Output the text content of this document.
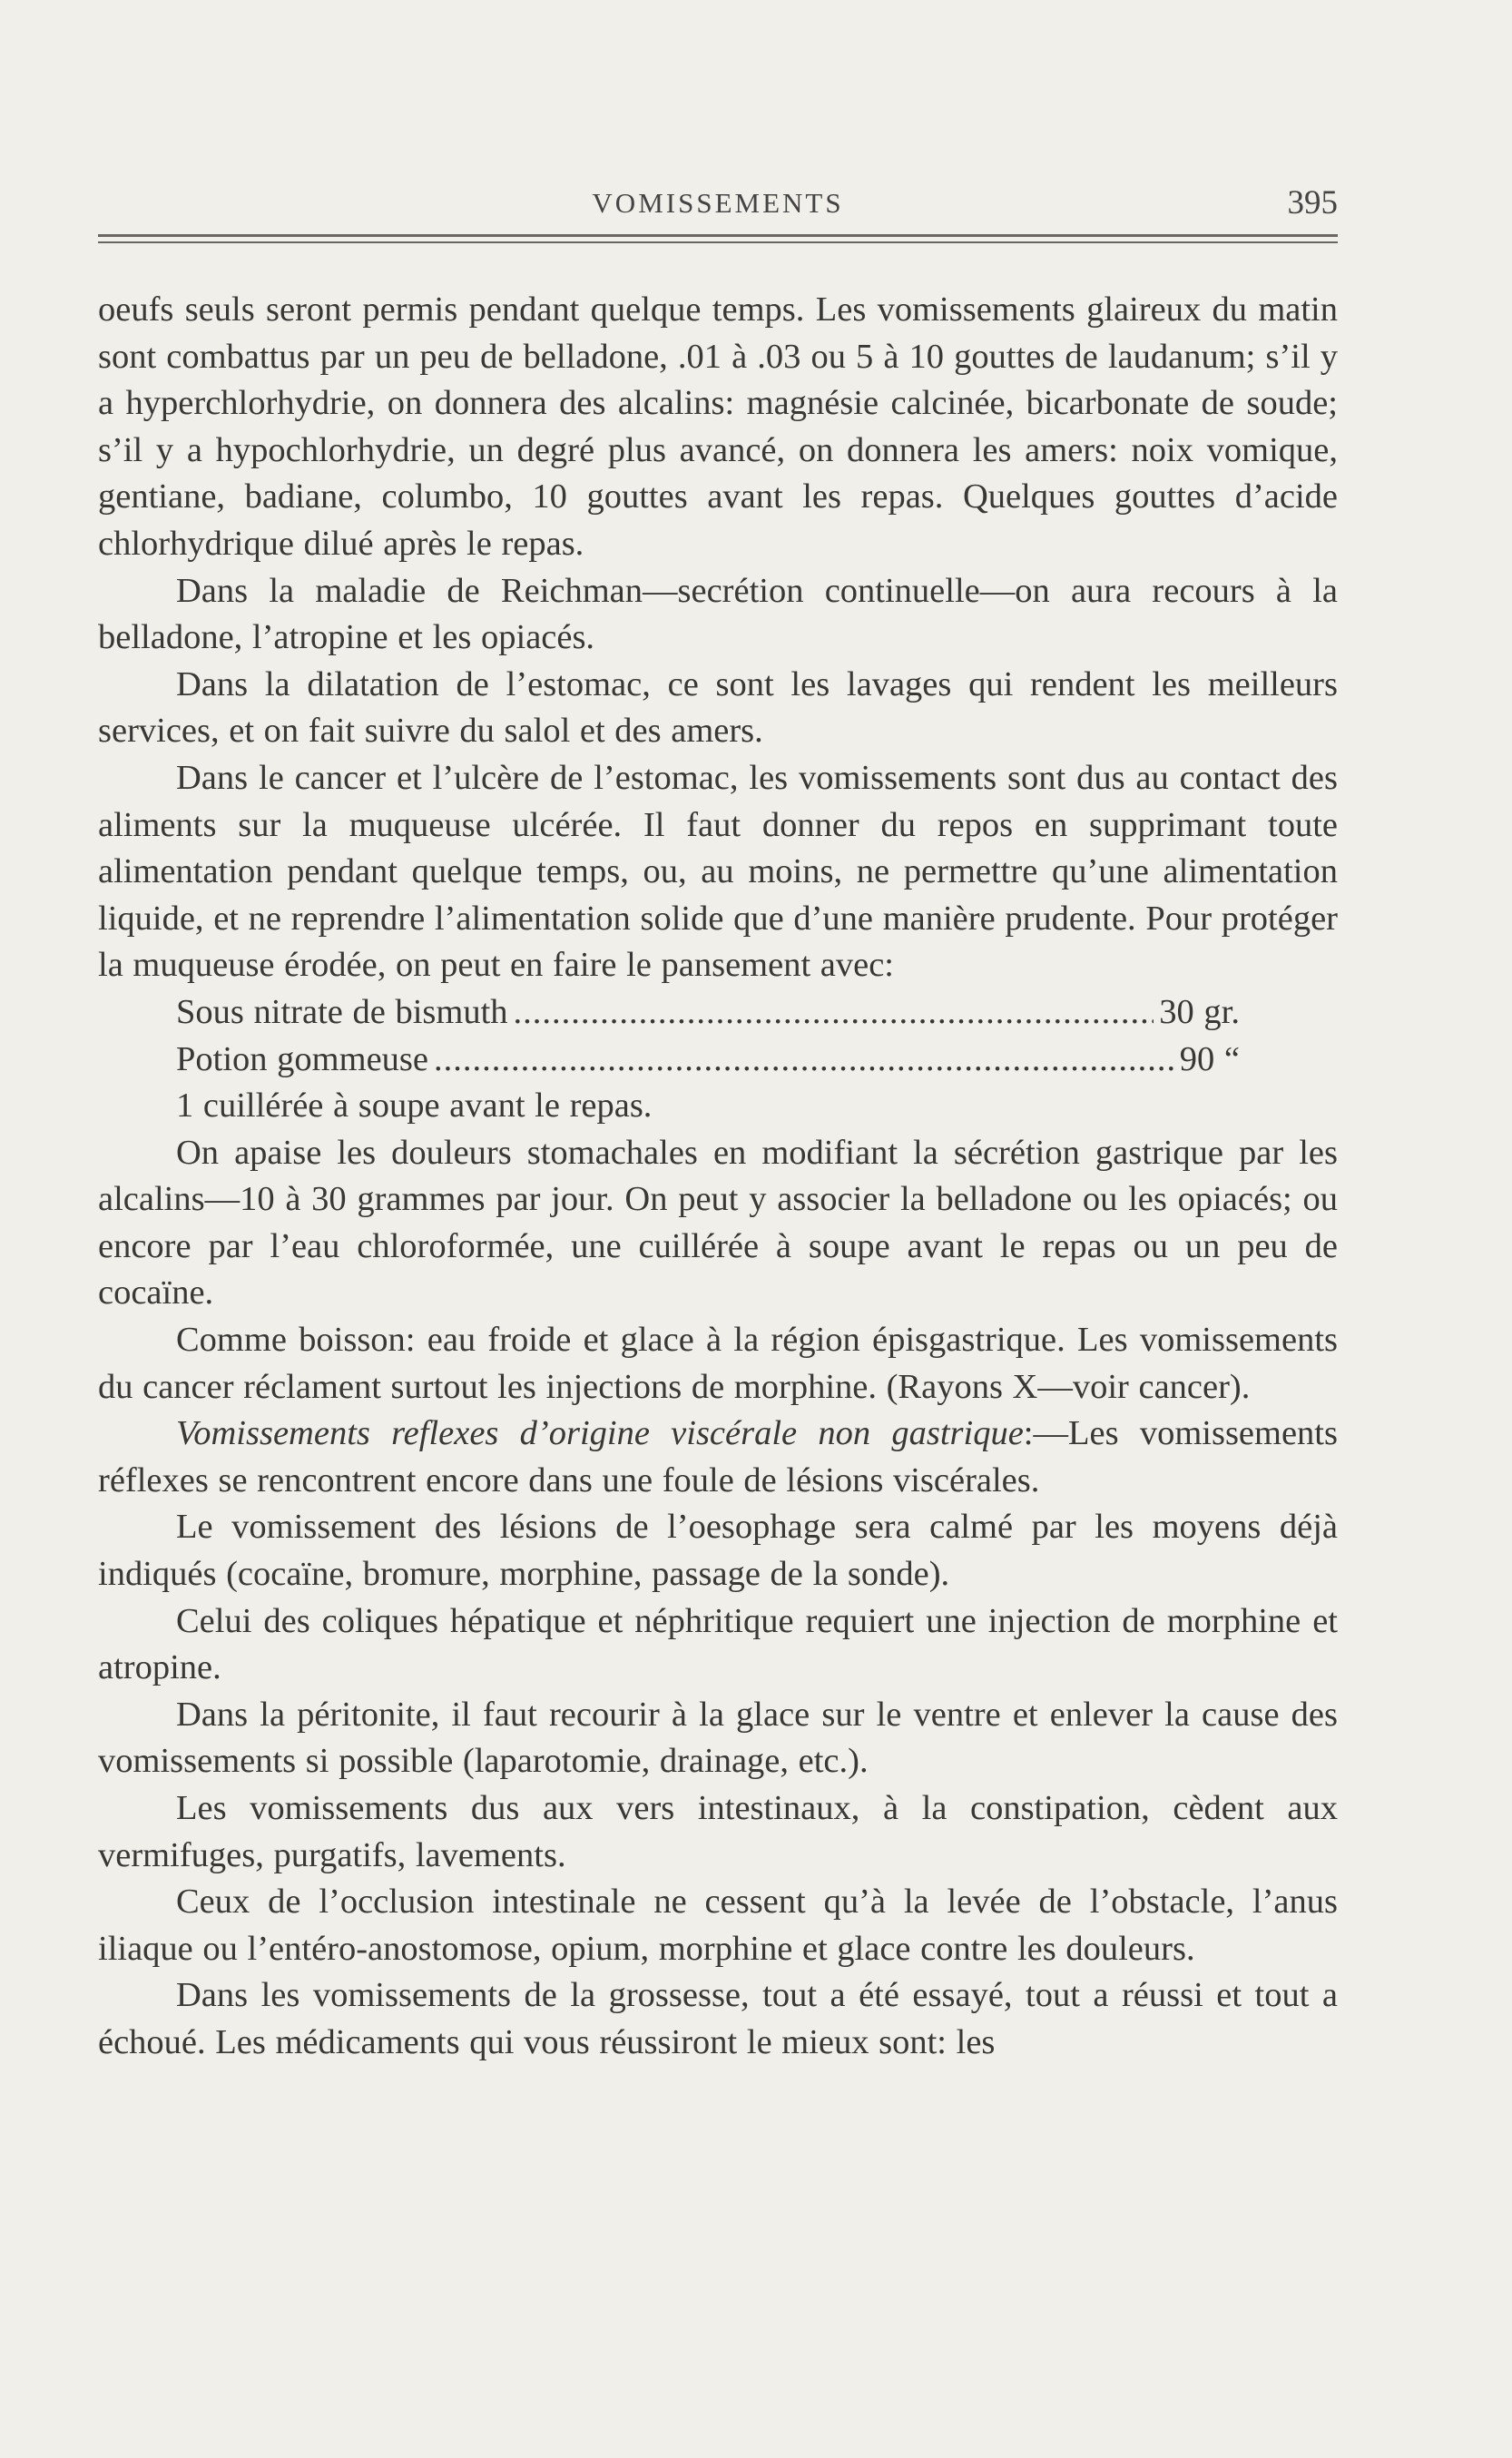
VOMISSEMENTS	395

oeufs seuls seront permis pendant quelque temps. Les vomissements glaireux du matin sont combattus par un peu de belladone, .01 à .03 ou 5 à 10 gouttes de laudanum; s’il y a hyperchlorhydrie, on donnera des alcalins: magnésie calcinée, bicarbonate de soude; s’il y a hypochlorhydrie, un degré plus avancé, on donnera les amers: noix vomique, gentiane, badiane, columbo, 10 gouttes avant les repas. Quelques gouttes d’acide chlorhydrique dilué après le repas.

Dans la maladie de Reichman—secrétion continuelle—on aura recours à la belladone, l’atropine et les opiacés.

Dans la dilatation de l’estomac, ce sont les lavages qui rendent les meilleurs services, et on fait suivre du salol et des amers.

Dans le cancer et l’ulcère de l’estomac, les vomissements sont dus au contact des aliments sur la muqueuse ulcérée. Il faut donner du repos en supprimant toute alimentation pendant quelque temps, ou, au moins, ne permettre qu’une alimentation liquide, et ne reprendre l’alimentation solide que d’une manière prudente. Pour protéger la muqueuse érodée, on peut en faire le pansement avec:

Sous nitrate de bismuth .....	30 gr.
Potion gommeuse .....	90 “

1 cuillérée à soupe avant le repas.

On apaise les douleurs stomachales en modifiant la sécrétion gastrique par les alcalins—10 à 30 grammes par jour. On peut y associer la belladone ou les opiacés; ou encore par l’eau chloroformée, une cuillérée à soupe avant le repas ou un peu de cocaïne.

Comme boisson: eau froide et glace à la région épisgastrique. Les vomissements du cancer réclament surtout les injections de morphine. (Rayons X—voir cancer).

Vomissements reflexes d’origine viscérale non gastrique:—Les vomissements réflexes se rencontrent encore dans une foule de lésions viscérales.

Le vomissement des lésions de l’oesophage sera calmé par les moyens déjà indiqués (cocaïne, bromure, morphine, passage de la sonde).

Celui des coliques hépatique et néphritique requiert une injection de morphine et atropine.

Dans la péritonite, il faut recourir à la glace sur le ventre et enlever la cause des vomissements si possible (laparotomie, drainage, etc.).

Les vomissements dus aux vers intestinaux, à la constipation, cèdent aux vermifuges, purgatifs, lavements.

Ceux de l’occlusion intestinale ne cessent qu’à la levée de l’obstacle, l’anus iliaque ou l’entéro-anostomose, opium, morphine et glace contre les douleurs.

Dans les vomissements de la grossesse, tout a été essayé, tout a réussi et tout a échoué. Les médicaments qui vous réussiront le mieux sont: les
